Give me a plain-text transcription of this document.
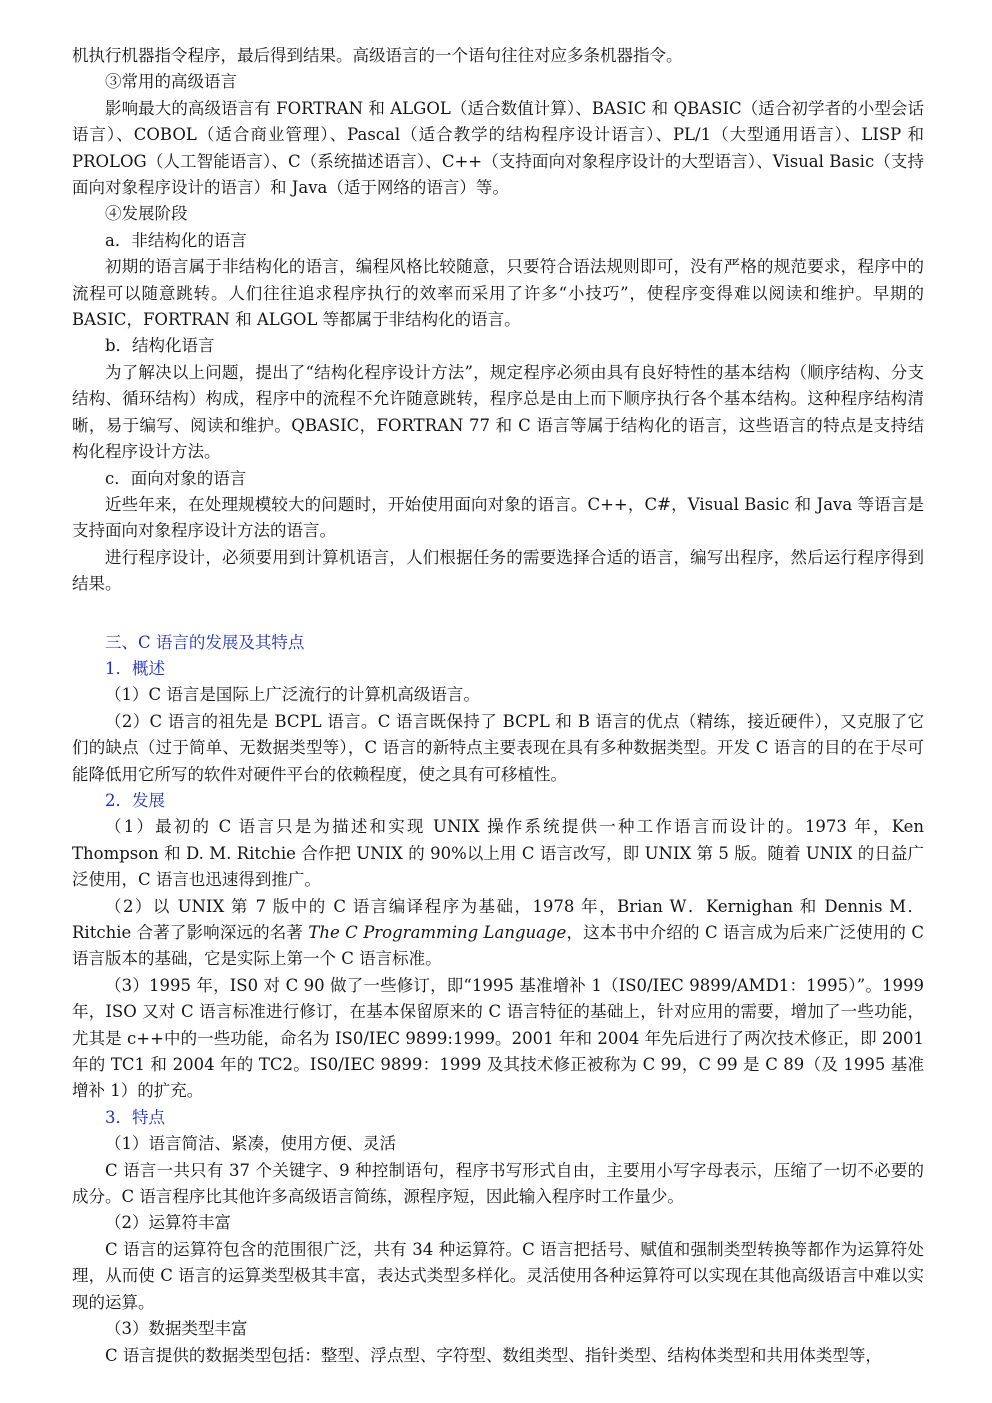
机执行机器指令程序，最后得到结果。高级语言的一个语句往往对应多条机器指令。

③常用的高级语言

影响最大的高级语言有 FORTRAN 和 ALGOL（适合数值计算）、BASIC 和 QBASIC（适合初学者的小型会话语言）、COBOL（适合商业管理）、Pascal（适合教学的结构程序设计语言）、PL/1（大型通用语言）、LISP 和 PROLOG（人工智能语言）、C（系统描述语言）、C++（支持面向对象程序设计的大型语言）、Visual Basic（支持面向对象程序设计的语言）和 Java（适于网络的语言）等。

④发展阶段

a．非结构化的语言

初期的语言属于非结构化的语言，编程风格比较随意，只要符合语法规则即可，没有严格的规范要求，程序中的流程可以随意跳转。人们往往追求程序执行的效率而采用了许多“小技巧”，使程序变得难以阅读和维护。早期的 BASIC，FORTRAN 和 ALGOL 等都属于非结构化的语言。

b．结构化语言

为了解决以上问题，提出了“结构化程序设计方法”，规定程序必须由具有良好特性的基本结构（顺序结构、分支结构、循环结构）构成，程序中的流程不允许随意跳转，程序总是由上而下顺序执行各个基本结构。这种程序结构清晰，易于编写、阅读和维护。QBASIC，FORTRAN 77 和 C 语言等属于结构化的语言，这些语言的特点是支持结构化程序设计方法。

c．面向对象的语言

近些年来，在处理规模较大的问题时，开始使用面向对象的语言。C++，C#，Visual Basic 和 Java 等语言是支持面向对象程序设计方法的语言。

进行程序设计，必须要用到计算机语言，人们根据任务的需要选择合适的语言，编写出程序，然后运行程序得到结果。

三、C 语言的发展及其特点

1．概述

（1）C 语言是国际上广泛流行的计算机高级语言。

（2）C 语言的祖先是 BCPL 语言。C 语言既保持了 BCPL 和 B 语言的优点（精练，接近硬件），又克服了它们的缺点（过于简单、无数据类型等），C 语言的新特点主要表现在具有多种数据类型。开发 C 语言的目的在于尽可能降低用它所写的软件对硬件平台的依赖程度，使之具有可移植性。

2．发展

（1）最初的 C 语言只是为描述和实现 UNIX 操作系统提供一种工作语言而设计的。1973 年，Ken Thompson 和 D. M. Ritchie 合作把 UNIX 的 90%以上用 C 语言改写，即 UNIX 第 5 版。随着 UNIX 的日益广泛使用，C 语言也迅速得到推广。

（2）以 UNIX 第 7 版中的 C 语言编译程序为基础，1978 年，Brian W．Kernighan 和 Dennis M．Ritchie 合著了影响深远的名著 The C Programming Language，这本书中介绍的 C 语言成为后来广泛使用的 C 语言版本的基础，它是实际上第一个 C 语言标准。

（3）1995 年，IS0 对 C 90 做了一些修订，即“1995 基准增补 1（IS0/IEC 9899/AMD1：1995）”。1999 年，ISO 又对 C 语言标准进行修订，在基本保留原来的 C 语言特征的基础上，针对应用的需要，增加了一些功能，尤其是 c++中的一些功能，命名为 IS0/IEC 9899:1999。2001 年和 2004 年先后进行了两次技术修正，即 2001 年的 TC1 和 2004 年的 TC2。IS0/IEC 9899：1999 及其技术修正被称为 C 99，C 99 是 C 89（及 1995 基准增补 1）的扩充。

3．特点

（1）语言简洁、紧凑，使用方便、灵活

C 语言一共只有 37 个关键字、9 种控制语句，程序书写形式自由，主要用小写字母表示，压缩了一切不必要的成分。C 语言程序比其他许多高级语言简练，源程序短，因此输入程序时工作量少。

（2）运算符丰富

C 语言的运算符包含的范围很广泛，共有 34 种运算符。C 语言把括号、赋值和强制类型转换等都作为运算符处理，从而使 C 语言的运算类型极其丰富，表达式类型多样化。灵活使用各种运算符可以实现在其他高级语言中难以实现的运算。

（3）数据类型丰富

C 语言提供的数据类型包括：整型、浮点型、字符型、数组类型、指针类型、结构体类型和共用体类型等，
